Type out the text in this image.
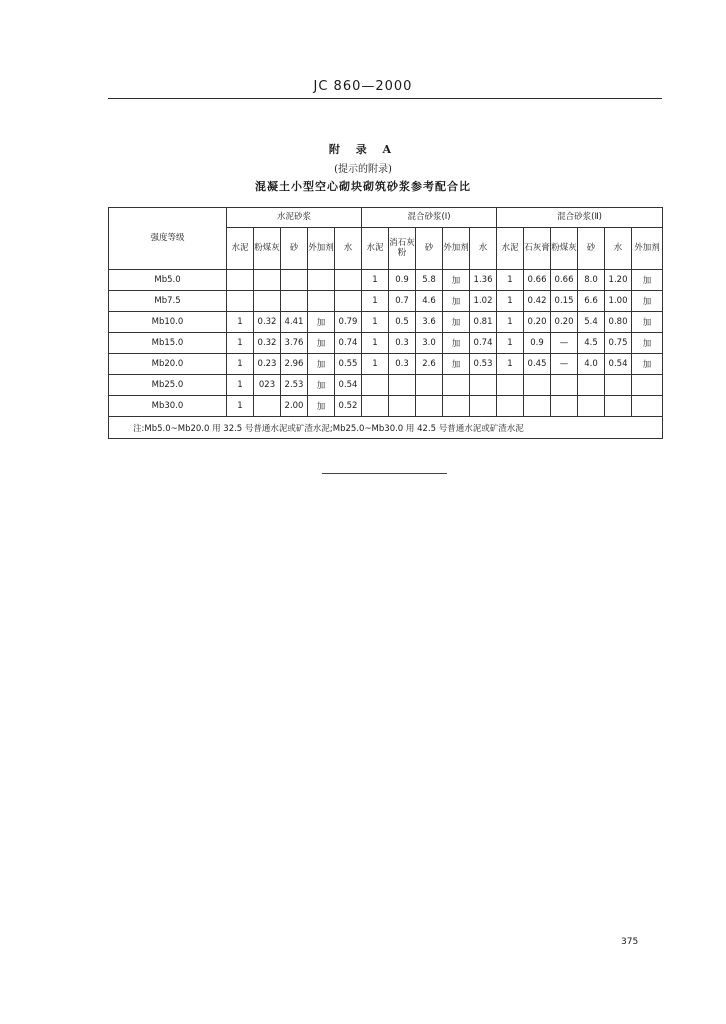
JC 860—2000
附 录 A
(提示的附录)
混凝土小型空心砌块砌筑砂浆参考配合比
强度等级	水泥砂浆					混合砂浆(Ⅰ)					混合砂浆(Ⅱ)					
	水泥	粉煤灰	砂	外加剂	水	水泥	消石灰粉	砂	外加剂	水	水泥	石灰膏	粉煤灰	砂	水	外加剂
Mb5.0						1	0.9	5.8	加	1.36	1	0.66	0.66	8.0	1.20	加
Mb7.5						1	0.7	4.6	加	1.02	1	0.42	0.15	6.6	1.00	加
Mb10.0	1	0.32	4.41	加	0.79	1	0.5	3.6	加	0.81	1	0.20	0.20	5.4	0.80	加
Mb15.0	1	0.32	3.76	加	0.74	1	0.3	3.0	加	0.74	1	0.9	—	4.5	0.75	加
Mb20.0	1	0.23	2.96	加	0.55	1	0.3	2.6	加	0.53	1	0.45	—	4.0	0.54	加
Mb25.0	1	023	2.53	加	0.54											
Mb30.0	1		2.00	加	0.52											
注:Mb5.0~Mb20.0 用 32.5 号普通水泥或矿渣水泥;Mb25.0~Mb30.0 用 42.5 号普通水泥或矿渣水泥																
375
